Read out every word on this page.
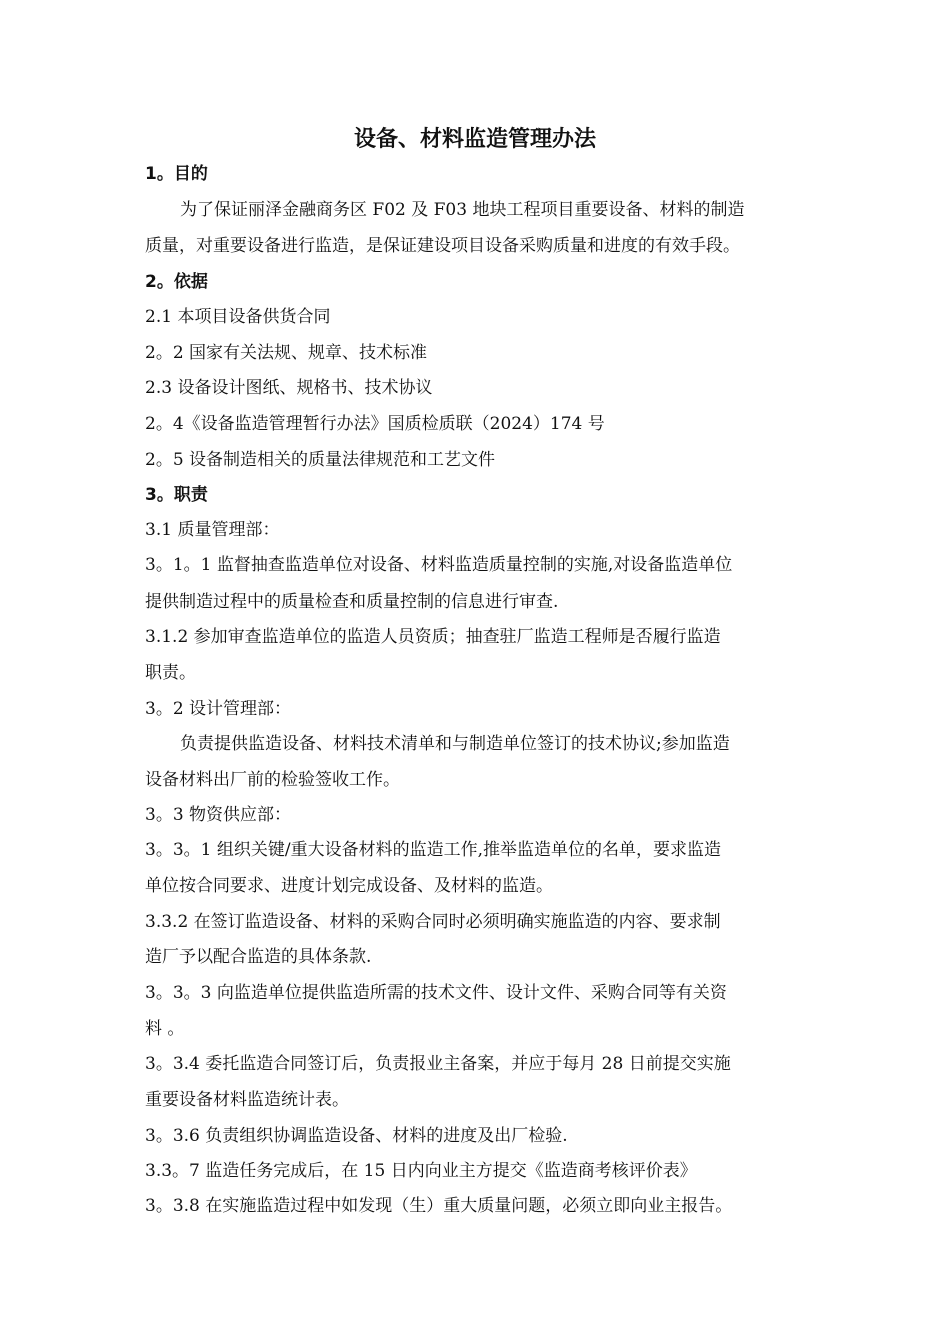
设备、材料监造管理办法
1。目的
为了保证丽泽金融商务区 F02 及 F03 地块工程项目重要设备、材料的制造
质量，对重要设备进行监造，是保证建设项目设备采购质量和进度的有效手段。
2。依据
2.1 本项目设备供货合同
2。2 国家有关法规、规章、技术标准
2.3 设备设计图纸、规格书、技术协议
2。4《设备监造管理暂行办法》国质检质联（2024）174 号
2。5 设备制造相关的质量法律规范和工艺文件
3。职责
3.1 质量管理部：
3。1。1 监督抽查监造单位对设备、材料监造质量控制的实施,对设备监造单位
提供制造过程中的质量检查和质量控制的信息进行审查.
3.1.2 参加审查监造单位的监造人员资质；抽查驻厂监造工程师是否履行监造
职责。
3。2 设计管理部：
负责提供监造设备、材料技术清单和与制造单位签订的技术协议;参加监造
设备材料出厂前的检验签收工作。
3。3 物资供应部：
3。3。1 组织关键/重大设备材料的监造工作,推举监造单位的名单，要求监造
单位按合同要求、进度计划完成设备、及材料的监造。
3.3.2 在签订监造设备、材料的采购合同时必须明确实施监造的内容、要求制
造厂予以配合监造的具体条款.
3。3。3 向监造单位提供监造所需的技术文件、设计文件、采购合同等有关资
料 。
3。3.4 委托监造合同签订后，负责报业主备案，并应于每月 28 日前提交实施
重要设备材料监造统计表。
3。3.6 负责组织协调监造设备、材料的进度及出厂检验.
3.3。7 监造任务完成后，在 15 日内向业主方提交《监造商考核评价表》
3。3.8 在实施监造过程中如发现（生）重大质量问题，必须立即向业主报告。
